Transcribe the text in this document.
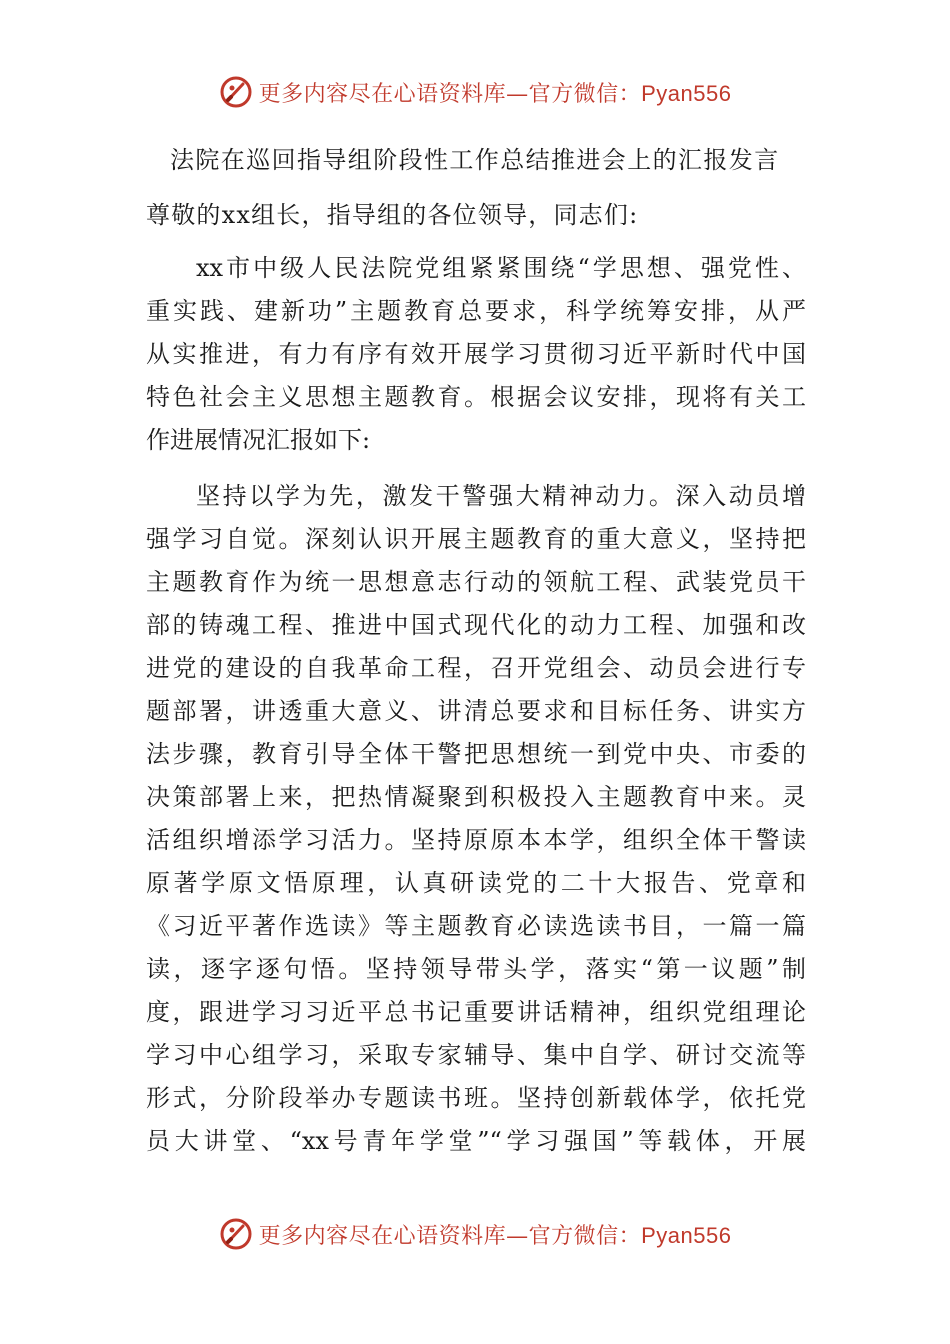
更多内容尽在心语资料库—官方微信：Pyan556
法院在巡回指导组阶段性工作总结推进会上的汇报发言
尊敬的xx组长，指导组的各位领导，同志们:
xx市中级人民法院党组紧紧围绕“学思想、强党性、
重实践、建新功”主题教育总要求，科学统筹安排，从严
从实推进，有力有序有效开展学习贯彻习近平新时代中国
特色社会主义思想主题教育。根据会议安排，现将有关工
作进展情况汇报如下:
坚持以学为先，激发干警强大精神动力。深入动员增
强学习自觉。深刻认识开展主题教育的重大意义，坚持把
主题教育作为统一思想意志行动的领航工程、武装党员干
部的铸魂工程、推进中国式现代化的动力工程、加强和改
进党的建设的自我革命工程，召开党组会、动员会进行专
题部署，讲透重大意义、讲清总要求和目标任务、讲实方
法步骤，教育引导全体干警把思想统一到党中央、市委的
决策部署上来，把热情凝聚到积极投入主题教育中来。灵
活组织增添学习活力。坚持原原本本学，组织全体干警读
原著学原文悟原理，认真研读党的二十大报告、党章和
《习近平著作选读》等主题教育必读选读书目，一篇一篇
读，逐字逐句悟。坚持领导带头学，落实“第一议题”制
度，跟进学习习近平总书记重要讲话精神，组织党组理论
学习中心组学习，采取专家辅导、集中自学、研讨交流等
形式，分阶段举办专题读书班。坚持创新载体学，依托党
员大讲堂、“xx号青年学堂”“学习强国”等载体，开展
更多内容尽在心语资料库—官方微信：Pyan556
